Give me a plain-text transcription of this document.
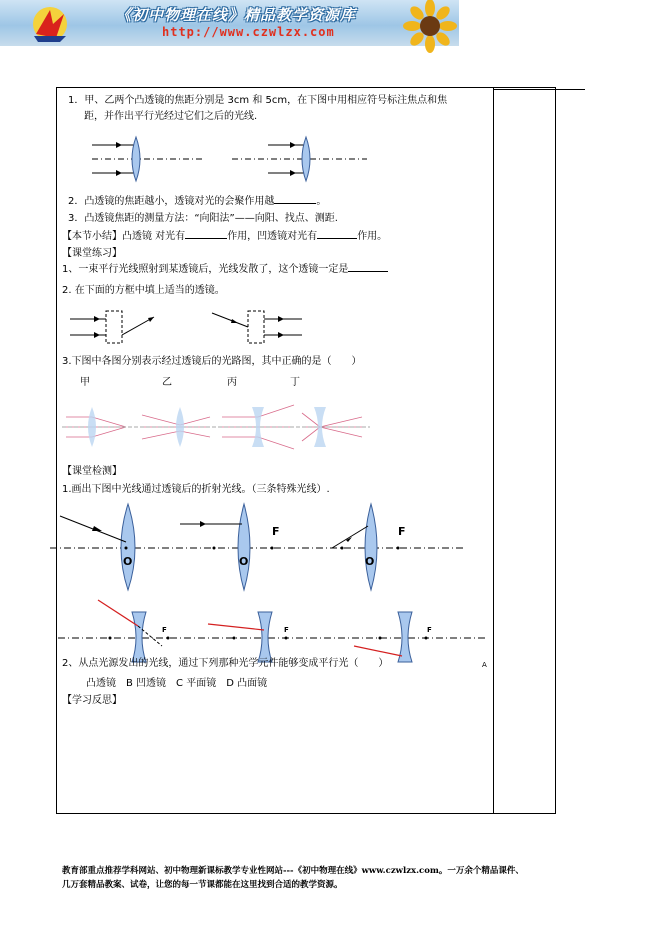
《初中物理在线》精品教学资源库
http://www.czwlzx.com
1．甲、乙两个凸透镜的焦距分别是 3cm 和 5cm，在下图中用相应符号标注焦点和焦
距，并作出平行光经过它们之后的光线.
2．凸透镜的焦距越小，透镜对光的会聚作用越	。
3．凸透镜焦距的测量方法：“向阳法”——向阳、找点、测距.
【本节小结】凸透镜 对光有	作用，凹透镜对光有	作用。
【课堂练习】
1、一束平行光线照射到某透镜后，光线发散了，这个透镜一定是
2. 在下面的方框中填上适当的透镜。
3.下图中各图分别表示经过透镜后的光路图，其中正确的是（　　）
甲	乙	丙	丁
【课堂检测】
1.画出下图中光线通过透镜后的折射光线。（三条特殊光线）.
O	O	O
F	F
F	F	F
2、从点光源发出的光线，通过下列那种光学元件能够变成平行光（　　）	A
凸透镜　B 凹透镜　C 平面镜　D 凸面镜
【学习反思】
教育部重点推荐学科网站、初中物理新课标教学专业性网站---《初中物理在线》www.czwlzx.com。一万余个精品课件、
几万套精品教案、试卷，让您的每一节课都能在这里找到合适的教学资源。
